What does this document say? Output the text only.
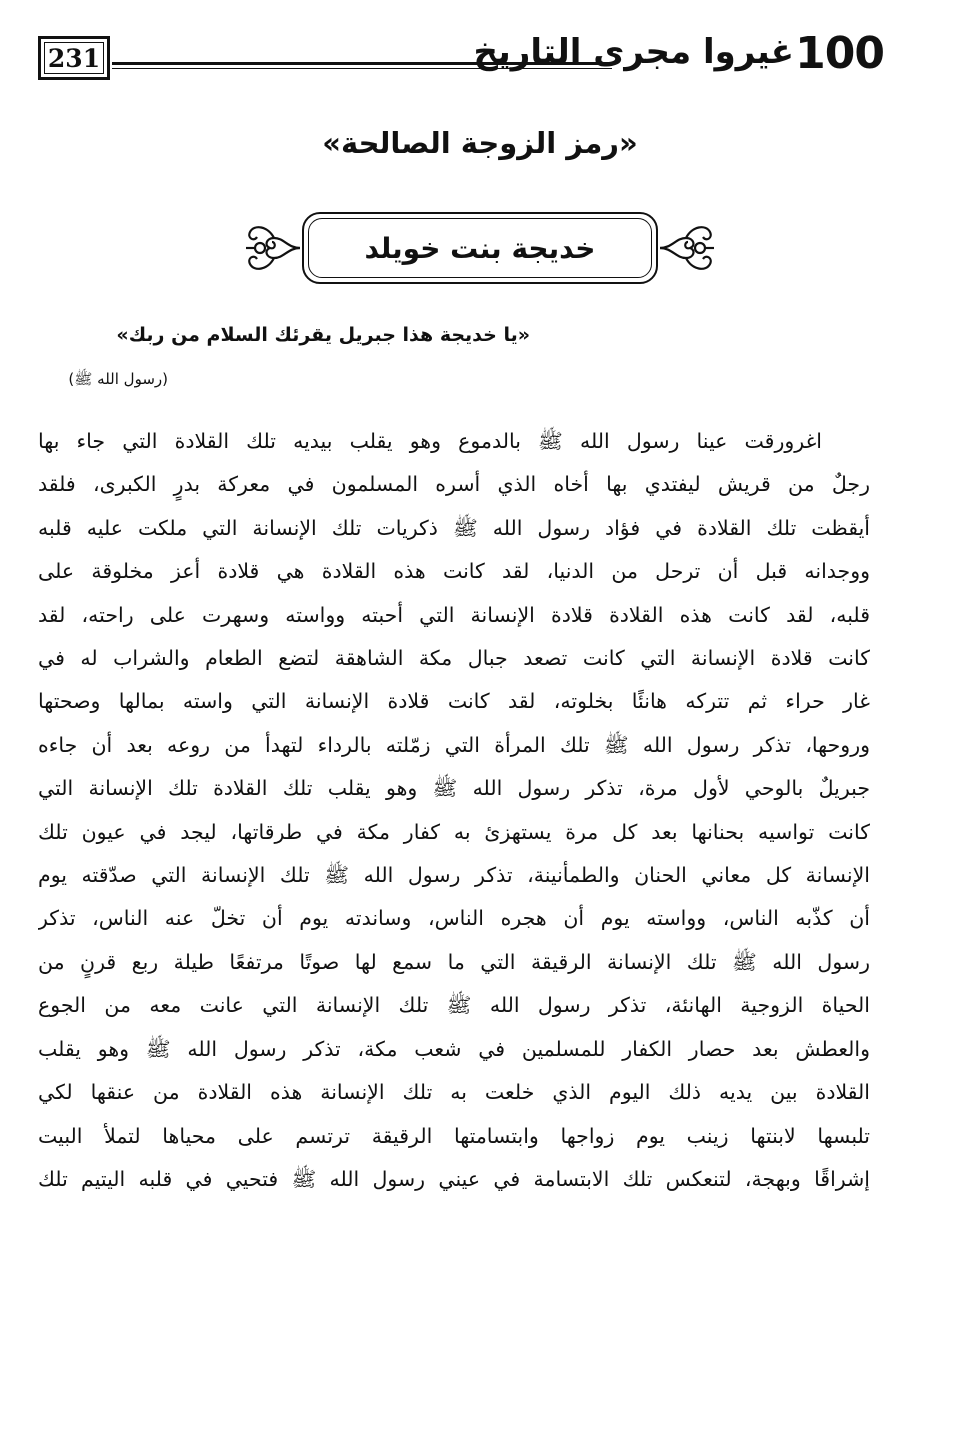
231	غيروا مجرى التاريخ 100
«رمز الزوجة الصالحة»
خديجة بنت خويلد
«يا خديجة هذا جبريل يقرئك السلام من ربك»
(رسول الله ﷺ)
اغرورقت عينا رسول الله ﷺ بالدموع وهو يقلب بيديه تلك القلادة التي جاء بها
رجلٌ من قريش ليفتدي بها أخاه الذي أسره المسلمون في معركة بدرٍ الكبرى، فلقد
أيقظت تلك القلادة في فؤاد رسول الله ﷺ ذكريات تلك الإنسانة التي ملكت عليه قلبه
ووجدانه قبل أن ترحل من الدنيا، لقد كانت هذه القلادة هي قلادة أعز مخلوقة على
قلبه، لقد كانت هذه القلادة قلادة الإنسانة التي أحبته وواسته وسهرت على راحته، لقد
كانت قلادة الإنسانة التي كانت تصعد جبال مكة الشاهقة لتضع الطعام والشراب له في
غار حراء ثم تتركه هانئًا بخلوته، لقد كانت قلادة الإنسانة التي واسته بمالها وصحتها
وروحها، تذكر رسول الله ﷺ تلك المرأة التي زمّلته بالرداء لتهدأ من روعه بعد أن جاءه
جبريلٌ بالوحي لأول مرة، تذكر رسول الله ﷺ وهو يقلب تلك القلادة تلك الإنسانة التي
كانت تواسيه بحنانها بعد كل مرة يستهزئ به كفار مكة في طرقاتها، ليجد في عيون تلك
الإنسانة كل معاني الحنان والطمأنينة، تذكر رسول الله ﷺ تلك الإنسانة التي صدّقته يوم
أن كذّبه الناس، وواسته يوم أن هجره الناس، وساندته يوم أن تخلّ عنه الناس، تذكر
رسول الله ﷺ تلك الإنسانة الرقيقة التي ما سمع لها صوتًا مرتفعًا طيلة ربع قرنٍ من
الحياة الزوجية الهانئة، تذكر رسول الله ﷺ تلك الإنسانة التي عانت معه من الجوع
والعطش بعد حصار الكفار للمسلمين في شعب مكة، تذكر رسول الله ﷺ وهو يقلب
القلادة بين يديه ذلك اليوم الذي خلعت به تلك الإنسانة هذه القلادة من عنقها لكي
تلبسها لابنتها زينب يوم زواجها وابتسامتها الرقيقة ترتسم على محياها لتملأ البيت
إشراقًا وبهجة، لتنعكس تلك الابتسامة في عيني رسول الله ﷺ فتحيي في قلبه اليتيم تلك
